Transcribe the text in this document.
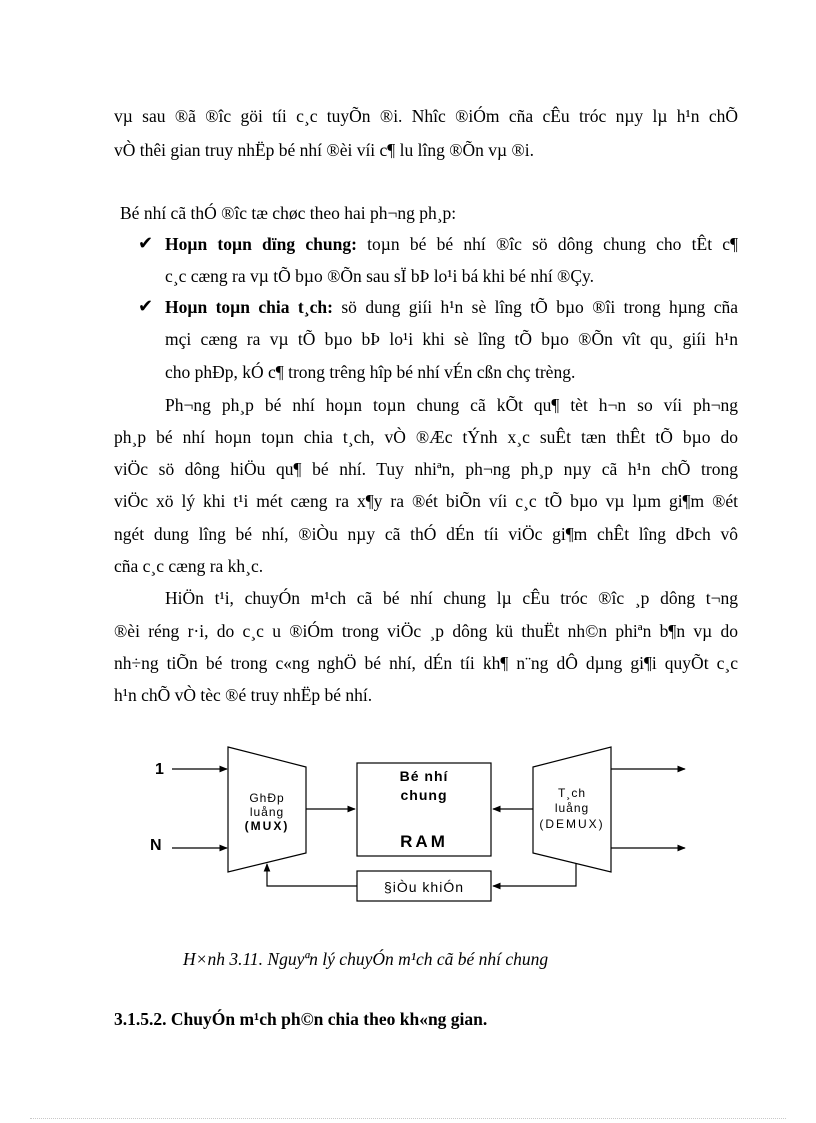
vµ sau ®ã ®îc göi tíi c¸c tuyÕn ®i. Nhîc ®iÓm cña cÊu tróc nµy lµ h¹n chÕ

vÒ thêi gian truy nhËp bé nhí ®èi víi c¶ lu lîng ®Õn vµ ®i.

Bé nhí cã thÓ ®îc tæ chøc theo hai ph¬ng ph¸p:

✔ Hoµn toµn dïng chung: toµn bé bé nhí ®îc sö dông chung cho tÊt c¶

c¸c cæng ra vµ tÕ bµo ®Õn sau sÏ bÞ lo¹i bá khi bé nhí ®Çy.

✔ Hoµn toµn chia t¸ch: sö dung giíi h¹n sè lîng tÕ bµo ®îi trong hµng cña

mçi cæng ra vµ tÕ bµo bÞ lo¹i khi sè lîng tÕ bµo ®Õn vît qu¸ giíi h¹n

cho phÐp, kÓ c¶ trong trêng hîp bé nhí vÉn cßn chç trèng.

Ph¬ng ph¸p bé nhí hoµn toµn chung cã kÕt qu¶ tèt h¬n so víi ph¬ng

ph¸p bé nhí hoµn toµn chia t¸ch, vÒ ®Æc tÝnh x¸c suÊt tæn thÊt tÕ bµo do

viÖc sö dông hiÖu qu¶ bé nhí. Tuy nhiªn, ph¬ng ph¸p nµy cã h¹n chÕ trong

viÖc xö lý khi t¹i mét cæng ra x¶y ra ®ét biÕn víi c¸c tÕ bµo vµ lµm gi¶m ®ét

ngét dung lîng bé nhí, ®iÒu nµy cã thÓ dÉn tíi viÖc gi¶m chÊt lîng dÞch vô

cña c¸c cæng ra kh¸c.

HiÖn t¹i, chuyÓn m¹ch cã bé nhí chung lµ cÊu tróc ®îc ¸p dông t¬ng

®èi réng r·i, do c¸c u ®iÓm trong viÖc ¸p dông kü thuËt nh©n phiªn b¶n vµ do

nh÷ng tiÕn bé trong c«ng nghÖ bé nhí, dÉn tíi kh¶ n¨ng dÔ dµng gi¶i quyÕt c¸c

h¹n chÕ vÒ tèc ®é truy nhËp bé nhí.

1
N
GhÐp
luång
(MUX)
Bé nhí
chung
RAM
T¸ch
luång
(DEMUX)
§iÒu khiÓn

H×nh 3.11. Nguyªn lý chuyÓn m¹ch cã bé nhí chung

3.1.5.2. ChuyÓn m¹ch ph©n chia theo kh«ng gian.
